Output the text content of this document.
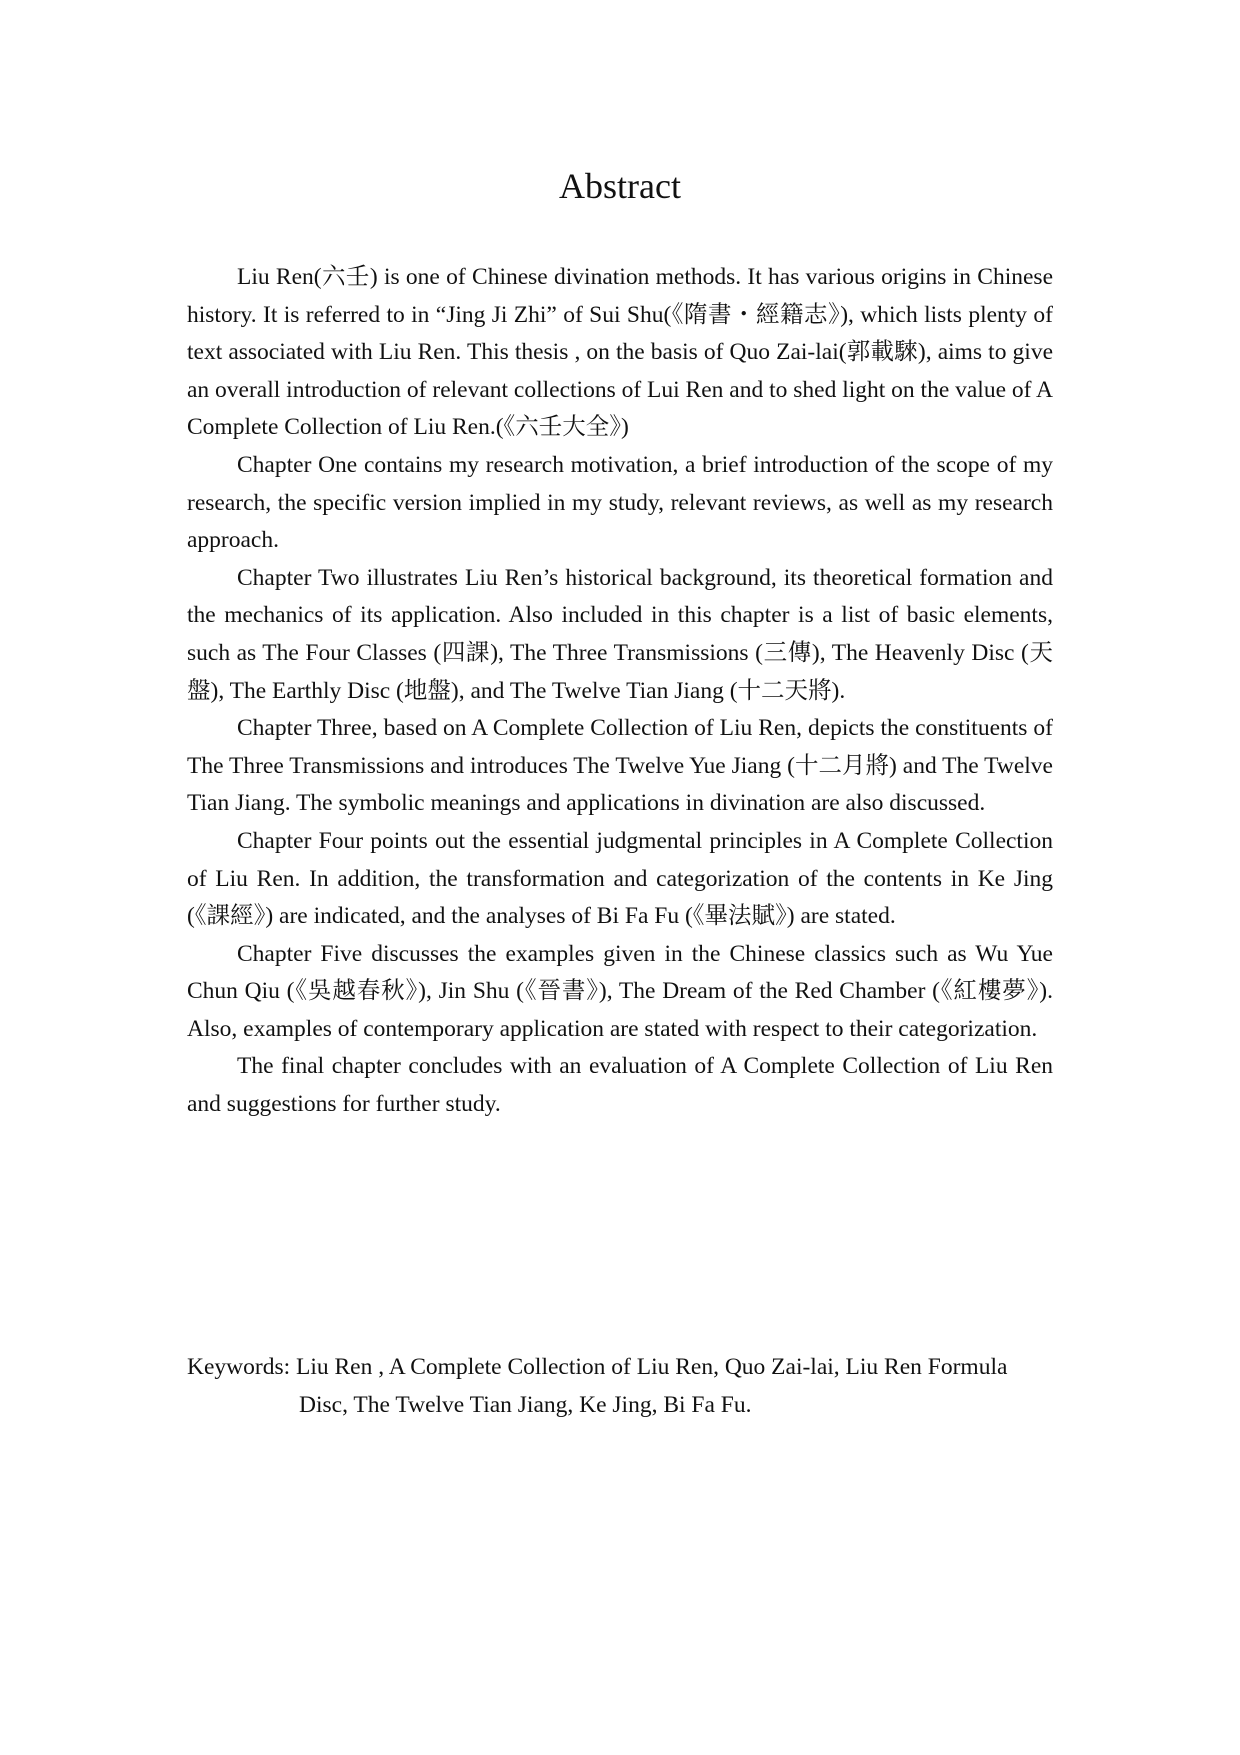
Abstract

Liu Ren(六壬) is one of Chinese divination methods. It has various origins in Chinese history. It is referred to in “Jing Ji Zhi” of Sui Shu(《隋書・經籍志》), which lists plenty of text associated with Liu Ren. This thesis , on the basis of Quo Zai-lai(郭載騋), aims to give an overall introduction of relevant collections of Lui Ren and to shed light on the value of A Complete Collection of Liu Ren.(《六壬大全》)

Chapter One contains my research motivation, a brief introduction of the scope of my research, the specific version implied in my study, relevant reviews, as well as my research approach.

Chapter Two illustrates Liu Ren’s historical background, its theoretical formation and the mechanics of its application. Also included in this chapter is a list of basic elements, such as The Four Classes (四課), The Three Transmissions (三傳), The Heavenly Disc (天盤), The Earthly Disc (地盤), and The Twelve Tian Jiang (十二天將).

Chapter Three, based on A Complete Collection of Liu Ren, depicts the constituents of The Three Transmissions and introduces The Twelve Yue Jiang (十二月將) and The Twelve Tian Jiang. The symbolic meanings and applications in divination are also discussed.

Chapter Four points out the essential judgmental principles in A Complete Collection of Liu Ren. In addition, the transformation and categorization of the contents in Ke Jing (《課經》) are indicated, and the analyses of Bi Fa Fu (《畢法賦》) are stated.

Chapter Five discusses the examples given in the Chinese classics such as Wu Yue Chun Qiu (《吳越春秋》), Jin Shu (《晉書》), The Dream of the Red Chamber (《紅樓夢》). Also, examples of contemporary application are stated with respect to their categorization.

The final chapter concludes with an evaluation of A Complete Collection of Liu Ren and suggestions for further study.

Keywords: Liu Ren , A Complete Collection of Liu Ren, Quo Zai-lai, Liu Ren Formula Disc, The Twelve Tian Jiang, Ke Jing, Bi Fa Fu.
